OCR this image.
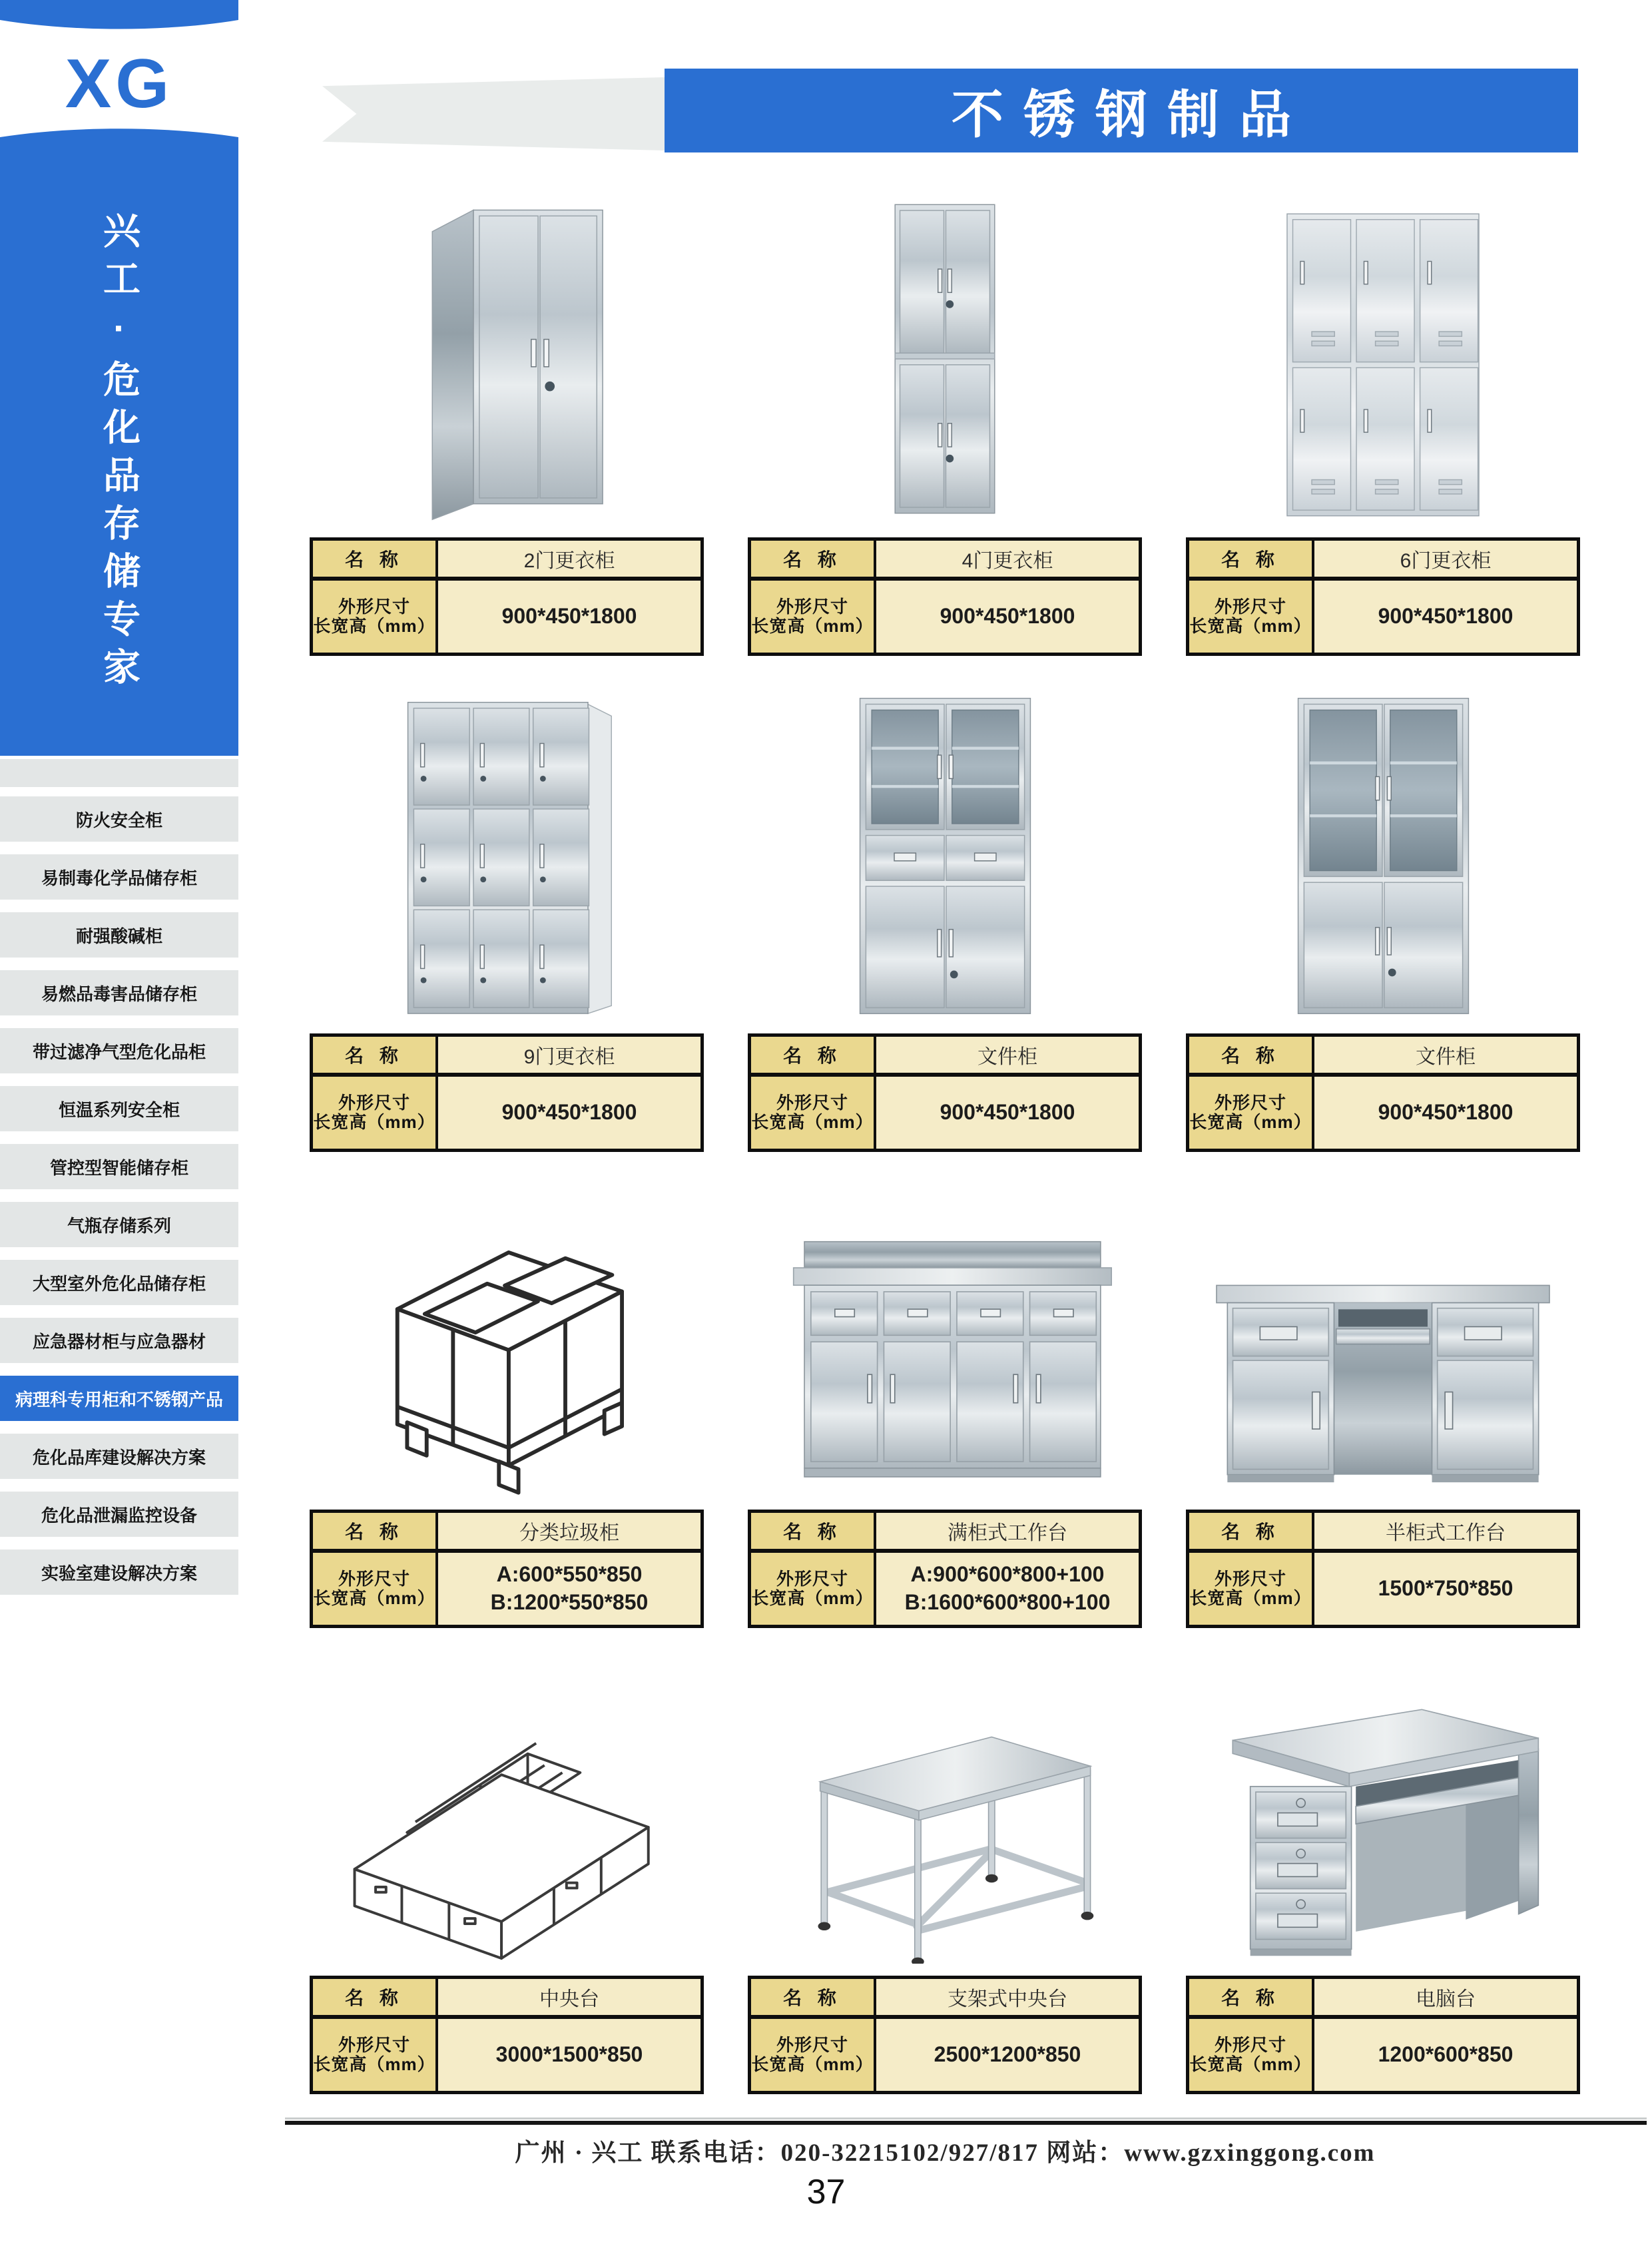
XG
兴工·危化品存储专家
防火安全柜
易制毒化学品储存柜
耐强酸碱柜
易燃品毒害品储存柜
带过滤净气型危化品柜
恒温系列安全柜
管控型智能储存柜
气瓶存储系列
大型室外危化品储存柜
应急器材柜与应急器材
病理科专用柜和不锈钢产品
危化品库建设解决方案
危化品泄漏监控设备
实验室建设解决方案
不锈钢制品
名 称	2门更衣柜
外形尺寸
长宽高（mm）	900*450*1800
名 称	4门更衣柜
外形尺寸
长宽高（mm）	900*450*1800
名 称	6门更衣柜
外形尺寸
长宽高（mm）	900*450*1800
名 称	9门更衣柜
外形尺寸
长宽高（mm）	900*450*1800
名 称	文件柜
外形尺寸
长宽高（mm）	900*450*1800
名 称	文件柜
外形尺寸
长宽高（mm）	900*450*1800
名 称	分类垃圾柜
外形尺寸
长宽高（mm）
A:600*550*850
B:1200*550*850
名 称	满柜式工作台
外形尺寸
长宽高（mm）
A:900*600*800+100
B:1600*600*800+100
名 称	半柜式工作台
外形尺寸
长宽高（mm）	1500*750*850
名 称	中央台
外形尺寸
长宽高（mm）	3000*1500*850
名 称	支架式中央台
外形尺寸
长宽高（mm）	2500*1200*850
名 称	电脑台
外形尺寸
长宽高（mm）	1200*600*850
广州 · 兴工 联系电话：020-32215102/927/817 网站：www.gzxinggong.com
37
